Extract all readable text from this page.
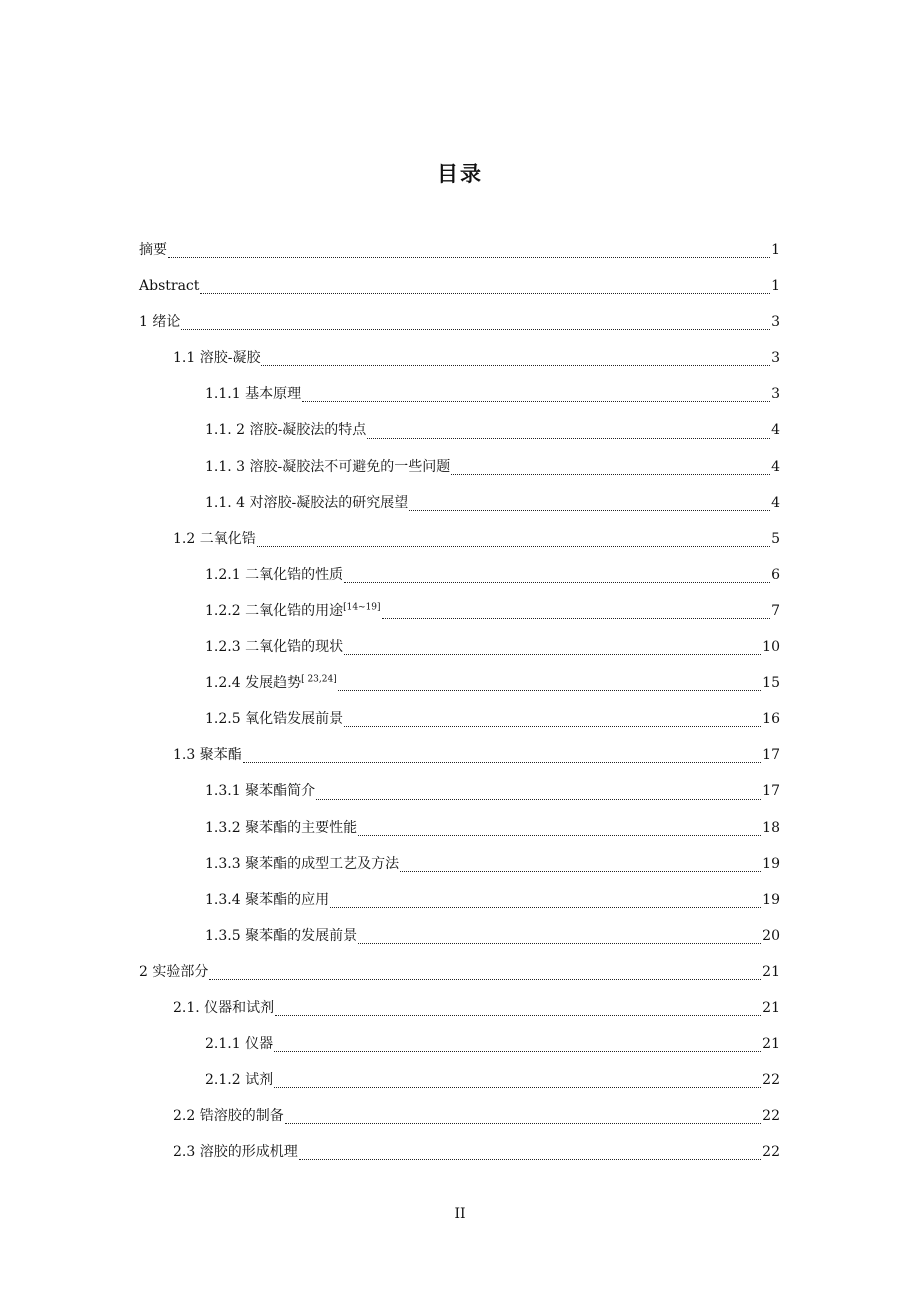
目录
摘要	1
Abstract	1
1 绪论	3
1.1 溶胶-凝胶	3
1.1.1 基本原理	3
1.1. 2 溶胶-凝胶法的特点	4
1.1. 3 溶胶-凝胶法不可避免的一些问题	4
1.1. 4 对溶胶-凝胶法的研究展望	4
1.2 二氧化锆	5
1.2.1 二氧化锆的性质	6
1.2.2 二氧化锆的用途[14~19]	7
1.2.3 二氧化锆的现状	10
1.2.4 发展趋势[ 23,24]	15
1.2.5 氧化锆发展前景	16
1.3 聚苯酯	17
1.3.1 聚苯酯简介	17
1.3.2 聚苯酯的主要性能	18
1.3.3 聚苯酯的成型工艺及方法	19
1.3.4 聚苯酯的应用	19
1.3.5 聚苯酯的发展前景	20
2 实验部分	21
2.1. 仪器和试剂	21
2.1.1 仪器	21
2.1.2 试剂	22
2.2 锆溶胶的制备	22
2.3 溶胶的形成机理	22
II
